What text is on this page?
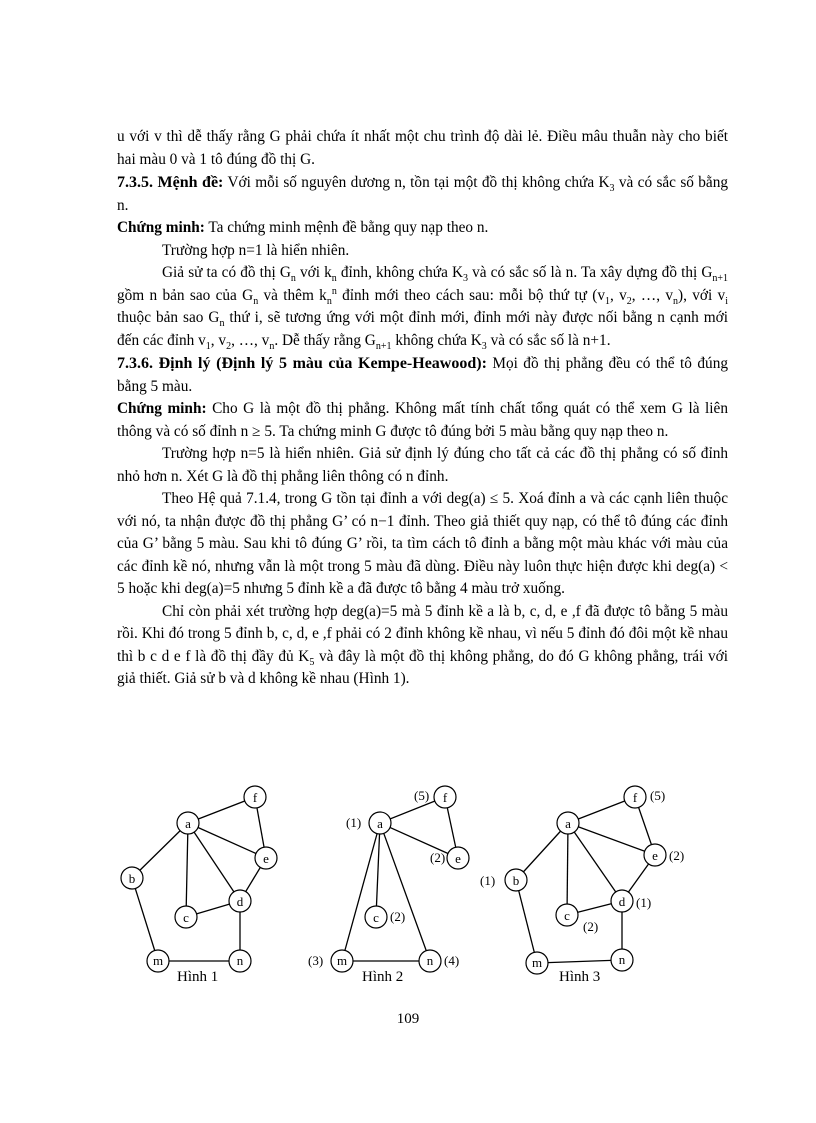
u với v thì dễ thấy rằng G phải chứa ít nhất một chu trình độ dài lẻ. Điều mâu thuẫn này cho biết hai màu 0 và 1 tô đúng đồ thị G.

7.3.5. Mệnh đề: Với mỗi số nguyên dương n, tồn tại một đồ thị không chứa $K_3$ và có sắc số bằng n.

Chứng minh: Ta chứng minh mệnh đề bằng quy nạp theo n.

Trường hợp n=1 là hiển nhiên.

Giả sử ta có đồ thị $G_n$ với $k_n$ đỉnh, không chứa $K_3$ và có sắc số là n. Ta xây dựng đồ thị $G_{n+1}$ gồm n bản sao của $G_n$ và thêm $k_n^n$ đỉnh mới theo cách sau: mỗi bộ thứ tự ($v_1$, $v_2$, …, $v_n$), với $v_i$ thuộc bản sao $G_n$ thứ i, sẽ tương ứng với một đỉnh mới, đỉnh mới này được nối bằng n cạnh mới đến các đỉnh $v_1$, $v_2$, …, $v_n$. Dễ thấy rằng $G_{n+1}$ không chứa $K_3$ và có sắc số là n+1.

7.3.6. Định lý (Định lý 5 màu của Kempe-Heawood): Mọi đồ thị phẳng đều có thể tô đúng bằng 5 màu.

Chứng minh: Cho G là một đồ thị phẳng. Không mất tính chất tổng quát có thể xem G là liên thông và có số đỉnh n ≥ 5. Ta chứng minh G được tô đúng bởi 5 màu bằng quy nạp theo n.

Trường hợp n=5 là hiển nhiên. Giả sử định lý đúng cho tất cả các đồ thị phẳng có số đỉnh nhỏ hơn n. Xét G là đồ thị phẳng liên thông có n đỉnh.

Theo Hệ quả 7.1.4, trong G tồn tại đỉnh a với deg(a) ≤ 5. Xoá đỉnh a và các cạnh liên thuộc với nó, ta nhận được đồ thị phẳng G’ có n−1 đỉnh. Theo giả thiết quy nạp, có thể tô đúng các đỉnh của G’ bằng 5 màu. Sau khi tô đúng G’ rồi, ta tìm cách tô đỉnh a bằng một màu khác với màu của các đỉnh kề nó, nhưng vẫn là một trong 5 màu đã dùng. Điều này luôn thực hiện được khi deg(a) < 5 hoặc khi deg(a)=5 nhưng 5 đỉnh kề a đã được tô bằng 4 màu trở xuống.

Chỉ còn phải xét trường hợp deg(a)=5 mà 5 đỉnh kề a là b, c, d, e ,f đã được tô bằng 5 màu rồi. Khi đó trong 5 đỉnh b, c, d, e ,f phải có 2 đỉnh không kề nhau, vì nếu 5 đỉnh đó đôi một kề nhau thì b c d e f là đồ thị đầy đủ $K_5$ và đây là một đồ thị không phẳng, do đó G không phẳng, trái với giả thiết. Giả sử b và d không kề nhau (Hình 1).

f
a
e
b
d
c
m	n
Hình 1
f
a
e
c
m	n
(5)
(1)
(2)
(2)
(3)	(4)
Hình 2
f
a
e
b
d
c
m	n
(5)
(2)
(1)
(1)
(2)
Hình 3
109
